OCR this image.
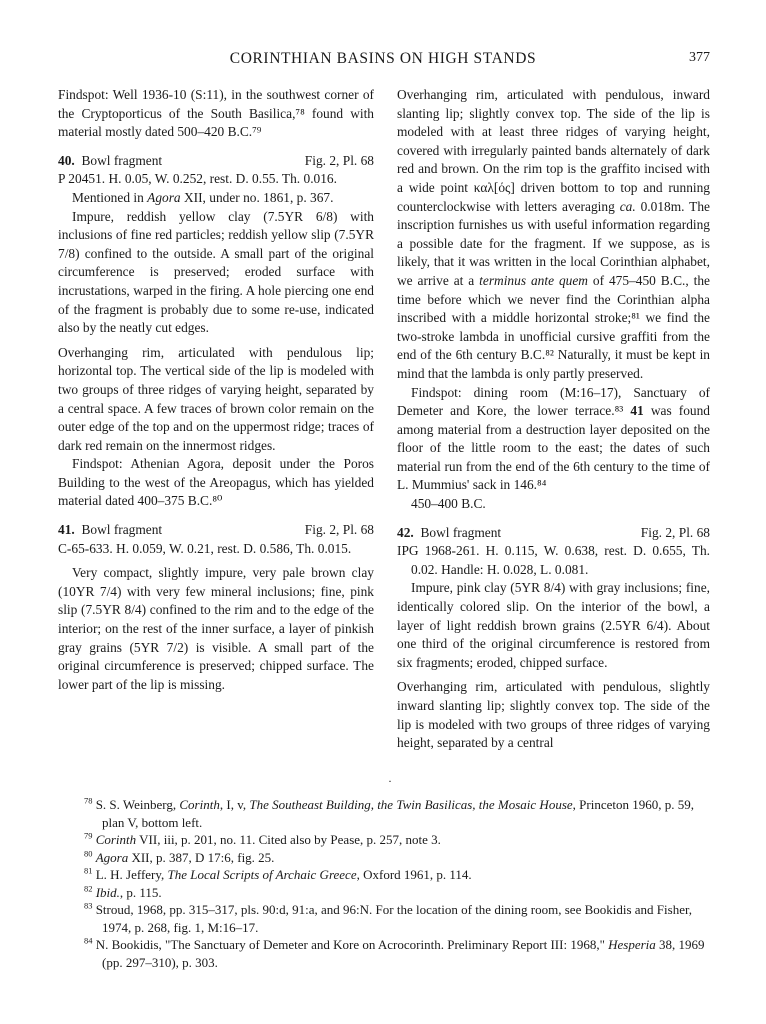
CORINTHIAN BASINS ON HIGH STANDS	377

Findspot: Well 1936-10 (S:11), in the southwest corner of the Cryptoporticus of the South Basilica,⁷⁸ found with material mostly dated 500–420 B.C.⁷⁹

40. Bowl fragment	Fig. 2, Pl. 68

P 20451. H. 0.05, W. 0.252, rest. D. 0.55. Th. 0.016.

Mentioned in Agora XII, under no. 1861, p. 367.

Impure, reddish yellow clay (7.5YR 6/8) with inclusions of fine red particles; reddish yellow slip (7.5YR 7/8) confined to the outside. A small part of the original circumference is preserved; eroded surface with incrustations, warped in the firing. A hole piercing one end of the fragment is probably due to some re-use, indicated also by the neatly cut edges.

Overhanging rim, articulated with pendulous lip; horizontal top. The vertical side of the lip is modeled with two groups of three ridges of varying height, separated by a central space. A few traces of brown color remain on the outer edge of the top and on the uppermost ridge; traces of dark red remain on the innermost ridges.

Findspot: Athenian Agora, deposit under the Poros Building to the west of the Areopagus, which has yielded material dated 400–375 B.C.⁸⁰

41. Bowl fragment	Fig. 2, Pl. 68

C-65-633. H. 0.059, W. 0.21, rest. D. 0.586, Th. 0.015.

Very compact, slightly impure, very pale brown clay (10YR 7/4) with very few mineral inclusions; fine, pink slip (7.5YR 8/4) confined to the rim and to the edge of the interior; on the rest of the inner surface, a layer of pinkish gray grains (5YR 7/2) is visible. A small part of the original circumference is preserved; chipped surface. The lower part of the lip is missing.

Overhanging rim, articulated with pendulous, inward slanting lip; slightly convex top. The side of the lip is modeled with at least three ridges of varying height, covered with irregularly painted bands alternately of dark red and brown. On the rim top is the graffito incised with a wide point καλ[ός] driven bottom to top and running counterclockwise with letters averaging ca. 0.018m. The inscription furnishes us with useful information regarding a possible date for the fragment. If we suppose, as is likely, that it was written in the local Corinthian alphabet, we arrive at a terminus ante quem of 475–450 B.C., the time before which we never find the Corinthian alpha inscribed with a middle horizontal stroke;⁸¹ we find the two-stroke lambda in unofficial cursive graffiti from the end of the 6th century B.C.⁸² Naturally, it must be kept in mind that the lambda is only partly preserved.

Findspot: dining room (M:16–17), Sanctuary of Demeter and Kore, the lower terrace.⁸³ 41 was found among material from a destruction layer deposited on the floor of the little room to the east; the dates of such material run from the end of the 6th century to the time of L. Mummius' sack in 146.⁸⁴

450–400 B.C.

42. Bowl fragment	Fig. 2, Pl. 68

IPG 1968-261. H. 0.115, W. 0.638, rest. D. 0.655, Th. 0.02. Handle: H. 0.028, L. 0.081.

Impure, pink clay (5YR 8/4) with gray inclusions; fine, identically colored slip. On the interior of the bowl, a layer of light reddish brown grains (2.5YR 6/4). About one third of the original circumference is restored from six fragments; eroded, chipped surface.

Overhanging rim, articulated with pendulous, slightly inward slanting lip; slightly convex top. The side of the lip is modeled with two groups of three ridges of varying height, separated by a central

·

$^{78}$ S. S. Weinberg, Corinth, I, v, The Southeast Building, the Twin Basilicas, the Mosaic House, Princeton 1960, p. 59, plan V, bottom left.

$^{79}$ Corinth VII, iii, p. 201, no. 11. Cited also by Pease, p. 257, note 3.

$^{80}$ Agora XII, p. 387, D 17:6, fig. 25.

$^{81}$ L. H. Jeffery, The Local Scripts of Archaic Greece, Oxford 1961, p. 114.

$^{82}$ Ibid., p. 115.

$^{83}$ Stroud, 1968, pp. 315–317, pls. 90:d, 91:a, and 96:N. For the location of the dining room, see Bookidis and Fisher, 1974, p. 268, fig. 1, M:16–17.

$^{84}$ N. Bookidis, "The Sanctuary of Demeter and Kore on Acrocorinth. Preliminary Report III: 1968," Hesperia 38, 1969 (pp. 297–310), p. 303.
